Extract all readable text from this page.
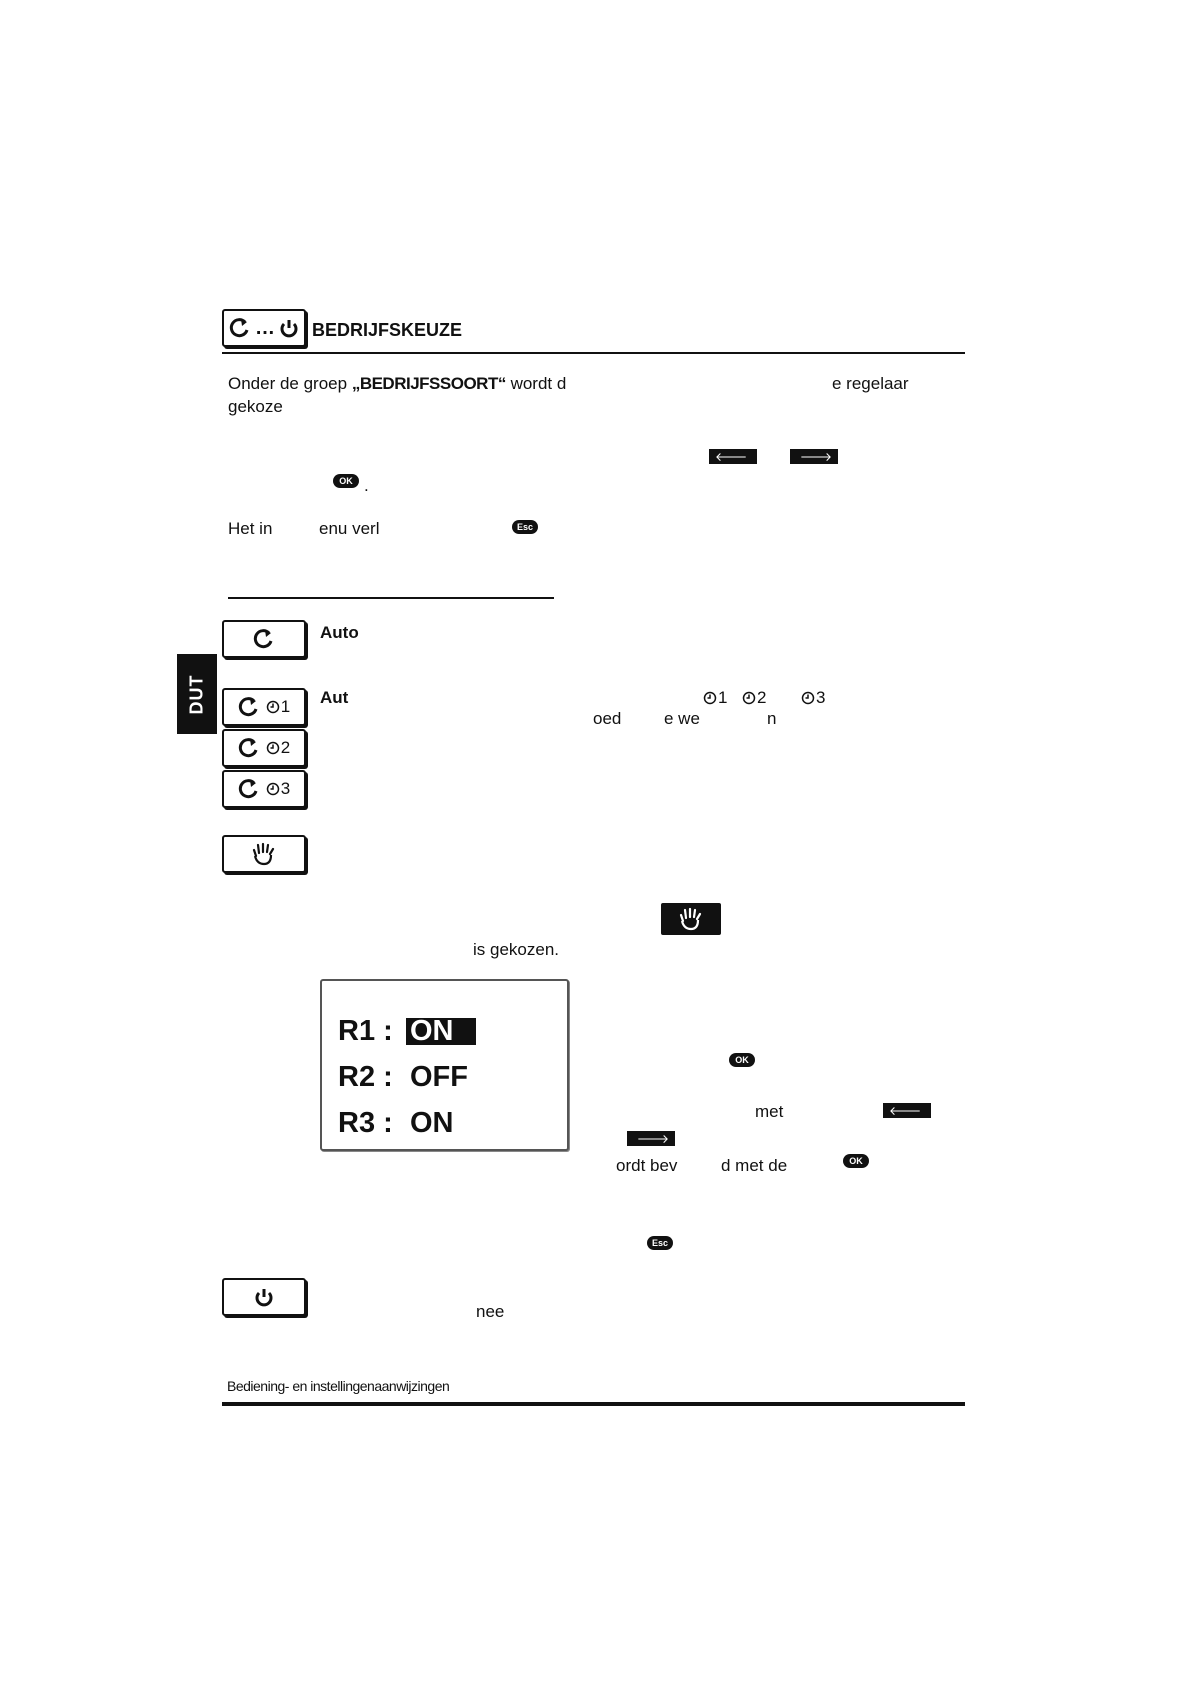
… BEDRIJFSKEUZE
Onder de groep „BEDRIJFSSOORT“ wordt d	e regelaar
gekoze
🡐	🡒
OK .
Het in	enu verl	Esc
DUT
Auto
1
2
3
Aut	1 2	3
oed	e we	n
is gekozen.
R1 : ON
R2 : OFF
R3 : ON
OK
met	🡐
🡒
ordt bev	d met de	OK
Esc
nee
Bediening- en instellingenaanwijzingen
